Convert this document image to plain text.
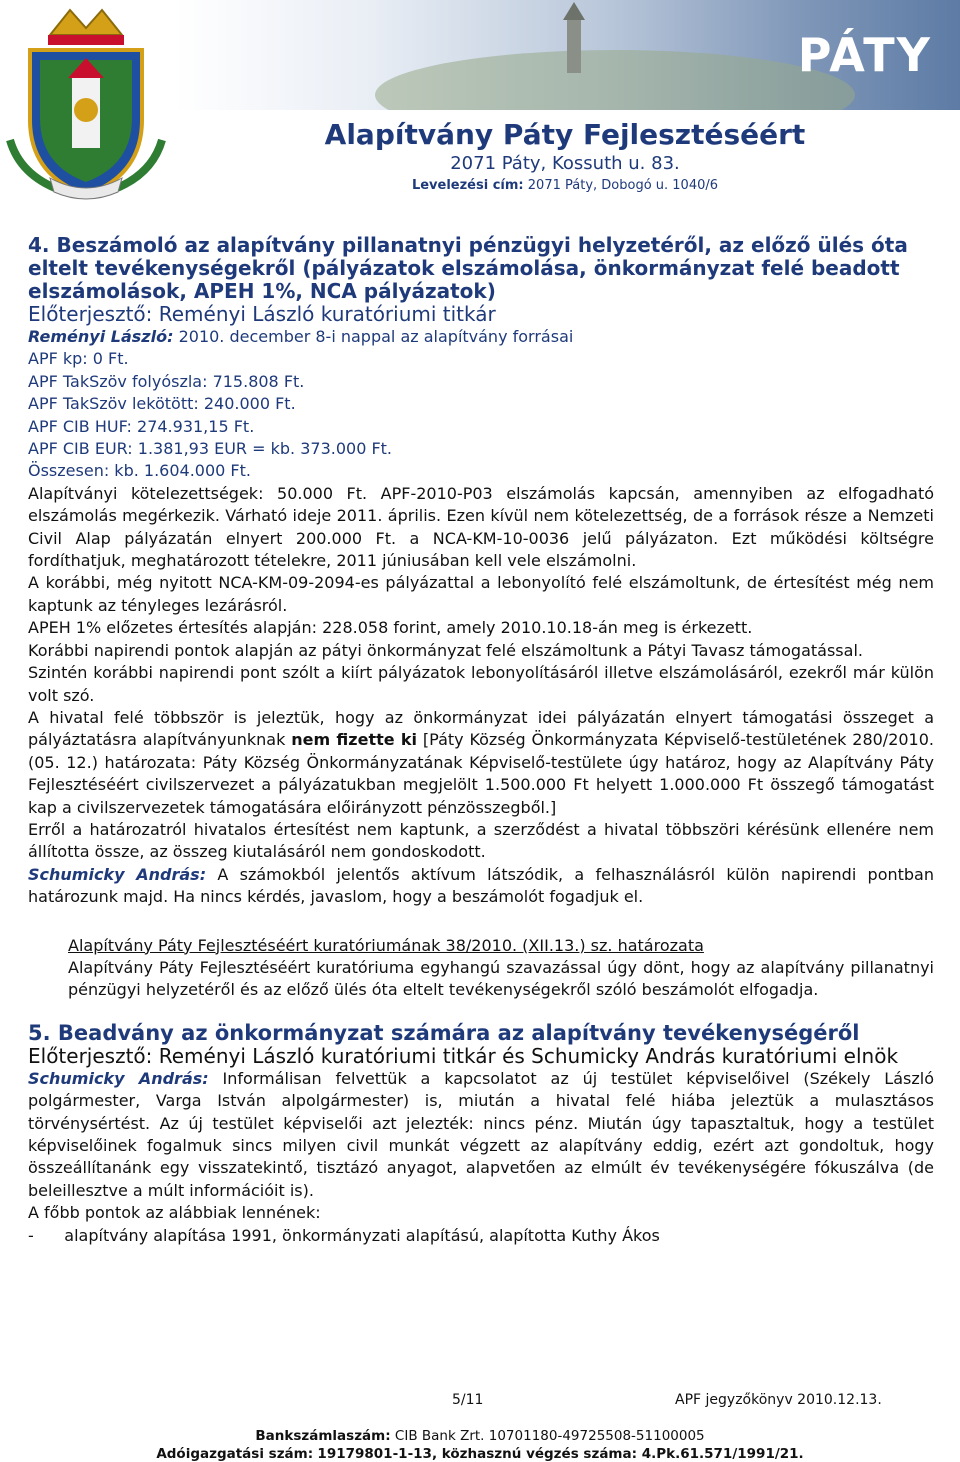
PÁTY
Alapítvány Páty Fejlesztéséért
2071 Páty, Kossuth u. 83.
Levelezési cím: 2071 Páty, Dobogó u. 1040/6
4. Beszámoló az alapítvány pillanatnyi pénzügyi helyzetéről, az előző ülés óta eltelt tevékenységekről (pályázatok elszámolása, önkormányzat felé beadott elszámolások, APEH 1%, NCA pályázatok)
Előterjesztő: Reményi László kuratóriumi titkár
Reményi László: 2010. december 8-i nappal az alapítvány forrásai
APF kp: 0 Ft.
APF TakSzöv folyószla: 715.808 Ft.
APF TakSzöv lekötött: 240.000 Ft.
APF CIB HUF: 274.931,15 Ft.
APF CIB EUR: 1.381,93 EUR = kb. 373.000 Ft.
Összesen: kb. 1.604.000 Ft.

Alapítványi kötelezettségek: 50.000 Ft. APF-2010-P03 elszámolás kapcsán, amennyiben az elfogadható elszámolás megérkezik. Várható ideje 2011. április. Ezen kívül nem kötelezettség, de a források része a Nemzeti Civil Alap pályázatán elnyert 200.000 Ft. a NCA-KM-10-0036 jelű pályázaton. Ezt működési költségre fordíthatjuk, meghatározott tételekre, 2011 júniusában kell vele elszámolni.

A korábbi, még nyitott NCA-KM-09-2094-es pályázattal a lebonyolító felé elszámoltunk, de értesítést még nem kaptunk az tényleges lezárásról.

APEH 1% előzetes értesítés alapján: 228.058 forint, amely 2010.10.18-án meg is érkezett.

Korábbi napirendi pontok alapján az pátyi önkormányzat felé elszámoltunk a Pátyi Tavasz támogatással.

Szintén korábbi napirendi pont szólt a kiírt pályázatok lebonyolításáról illetve elszámolásáról, ezekről már külön volt szó.

A hivatal felé többször is jeleztük, hogy az önkormányzat idei pályázatán elnyert támogatási összeget a pályáztatásra alapítványunknak nem fizette ki [Páty Község Önkormányzata Képviselő-testületének 280/2010. (05. 12.) határozata: Páty Község Önkormányzatának Képviselő-testülete úgy határoz, hogy az Alapítvány Páty Fejlesztéséért civilszervezet a pályázatukban megjelölt 1.500.000 Ft helyett 1.000.000 Ft összegő támogatást kap a civilszervezetek támogatására előirányzott pénzösszegből.]

Erről a határozatról hivatalos értesítést nem kaptunk, a szerződést a hivatal többszöri kérésünk ellenére nem állította össze, az összeg kiutalásáról nem gondoskodott.

Schumicky András: A számokból jelentős aktívum látszódik, a felhasználásról külön napirendi pontban határozunk majd. Ha nincs kérdés, javaslom, hogy a beszámolót fogadjuk el.

Alapítvány Páty Fejlesztéséért kuratóriumának 38/2010. (XII.13.) sz. határozata

Alapítvány Páty Fejlesztéséért kuratóriuma egyhangú szavazással úgy dönt, hogy az alapítvány pillanatnyi pénzügyi helyzetéről és az előző ülés óta eltelt tevékenységekről szóló beszámolót elfogadja.

5. Beadvány az önkormányzat számára az alapítvány tevékenységéről
Előterjesztő: Reményi László kuratóriumi titkár és Schumicky András kuratóriumi elnök

Schumicky András: Informálisan felvettük a kapcsolatot az új testület képviselőivel (Székely László polgármester, Varga István alpolgármester) is, miután a hivatal felé hiába jeleztük a mulasztásos törvénysértést. Az új testület képviselői azt jelezték: nincs pénz. Miután úgy tapasztaltuk, hogy a testület képviselőinek fogalmuk sincs milyen civil munkát végzett az alapítvány eddig, ezért azt gondoltuk, hogy összeállítanánk egy visszatekintő, tisztázó anyagot, alapvetően az elmúlt év tevékenységére fókuszálva (de beleillesztve a múlt információit is).

A főbb pontok az alábbiak lennének:

-      alapítvány alapítása 1991, önkormányzati alapítású, alapította Kuthy Ákos
5/11	APF jegyzőkönyv 2010.12.13.
Bankszámlaszám: CIB Bank Zrt. 10701180-49725508-51100005
Adóigazgatási szám: 19179801-1-13, közhasznú végzés száma: 4.Pk.61.571/1991/21.
